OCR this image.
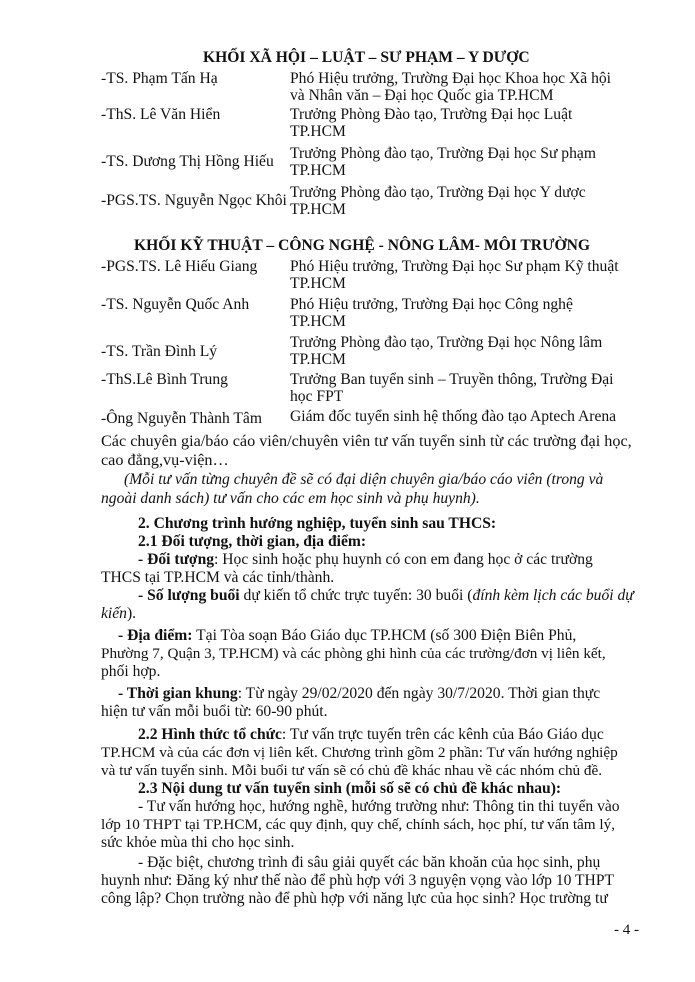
KHỐI XÃ HỘI – LUẬT – SƯ PHẠM – Y DƯỢC
-TS. Phạm Tấn Hạ	Phó Hiệu trưởng, Trường Đại học Khoa học Xã hội
và Nhân văn – Đại học Quốc gia TP.HCM
-ThS. Lê Văn Hiển	Trưởng Phòng Đào tạo, Trường Đại học Luật
TP.HCM
-TS. Dương Thị Hồng Hiếu Trưởng Phòng đào tạo, Trường Đại học Sư phạm
TP.HCM
-PGS.TS. Nguyễn Ngọc Khôi Trưởng Phòng đào tạo, Trường Đại học Y dược
TP.HCM
KHỐI KỸ THUẬT – CÔNG NGHỆ - NÔNG LÂM- MÔI TRƯỜNG
-PGS.TS. Lê Hiếu Giang Phó Hiệu trưởng, Trường Đại học Sư phạm Kỹ thuật
TP.HCM
-TS. Nguyễn Quốc Anh	Phó Hiệu trưởng, Trường Đại học Công nghệ
TP.HCM
-TS. Trần Đình Lý
Trưởng Phòng đào tạo, Trường Đại học Nông lâm
TP.HCM
-ThS.Lê Bình Trung	Trưởng Ban tuyển sinh – Truyền thông, Trường Đại
học FPT
-Ông Nguyễn Thành Tâm Giám đốc tuyển sinh hệ thống đào tạo Aptech Arena
Các chuyên gia/báo cáo viên/chuyên viên tư vấn tuyển sinh từ các trường đại học,
cao đẳng,vụ-viện…
(Mỗi tư vấn từng chuyên đề sẽ có đại diện chuyên gia/báo cáo viên (trong và
ngoài danh sách) tư vấn cho các em học sinh và phụ huynh).
2. Chương trình hướng nghiệp, tuyển sinh sau THCS:
2.1 Đối tượng, thời gian, địa điểm:
- Đối tượng: Học sinh hoặc phụ huynh có con em đang học ở các trường
THCS tại TP.HCM và các tỉnh/thành.
- Số lượng buổi dự kiến tổ chức trực tuyến: 30 buổi (đính kèm lịch các buổi dự
kiến).
- Địa điểm: Tại Tòa soạn Báo Giáo dục TP.HCM (số 300 Điện Biên Phủ,
Phường 7, Quận 3, TP.HCM) và các phòng ghi hình của các trường/đơn vị liên kết,
phối hợp.
- Thời gian khung: Từ ngày 29/02/2020 đến ngày 30/7/2020. Thời gian thực
hiện tư vấn mỗi buổi từ: 60-90 phút.
2.2 Hình thức tổ chức: Tư vấn trực tuyến trên các kênh của Báo Giáo dục
TP.HCM và của các đơn vị liên kết. Chương trình gồm 2 phần: Tư vấn hướng nghiệp
và tư vấn tuyển sinh. Mỗi buổi tư vấn sẽ có chủ đề khác nhau về các nhóm chủ đề.
2.3 Nội dung tư vấn tuyển sinh (mỗi số sẽ có chủ đề khác nhau):
- Tư vấn hướng học, hướng nghề, hướng trường như: Thông tin thi tuyển vào
lớp 10 THPT tại TP.HCM, các quy định, quy chế, chính sách, học phí, tư vấn tâm lý,
sức khỏe mùa thi cho học sinh.
- Đặc biệt, chương trình đi sâu giải quyết các băn khoăn của học sinh, phụ
huynh như: Đăng ký như thế nào để phù hợp với 3 nguyện vọng vào lớp 10 THPT
công lập? Chọn trường nào để phù hợp với năng lực của học sinh? Học trường tư
- 4 -
